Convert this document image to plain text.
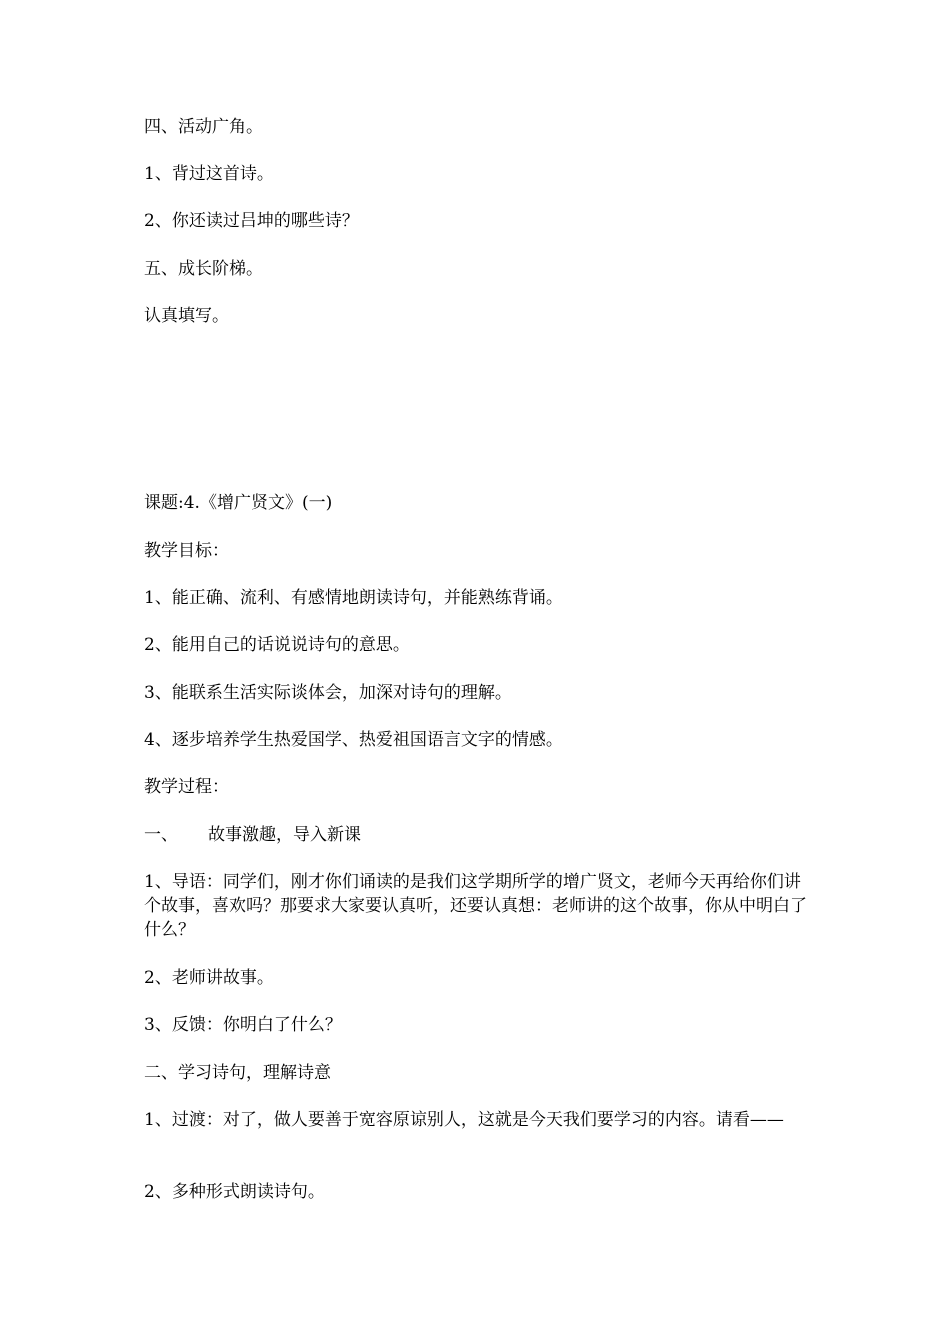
四、活动广角。
1、背过这首诗。
2、你还读过吕坤的哪些诗？
五、成长阶梯。
认真填写。
课题:4.《增广贤文》(一)
教学目标：
1、能正确、流利、有感情地朗读诗句，并能熟练背诵。
2、能用自己的话说说诗句的意思。
3、能联系生活实际谈体会，加深对诗句的理解。
4、逐步培养学生热爱国学、热爱祖国语言文字的情感。
教学过程：
一、 故事激趣，导入新课
1、导语：同学们，刚才你们诵读的是我们这学期所学的增广贤文，老师今天再给你们讲个故事，喜欢吗？那要求大家要认真听，还要认真想：老师讲的这个故事，你从中明白了什么？
2、老师讲故事。
3、反馈：你明白了什么？
二、学习诗句，理解诗意
1、过渡：对了，做人要善于宽容原谅别人，这就是今天我们要学习的内容。请看——
2、多种形式朗读诗句。
